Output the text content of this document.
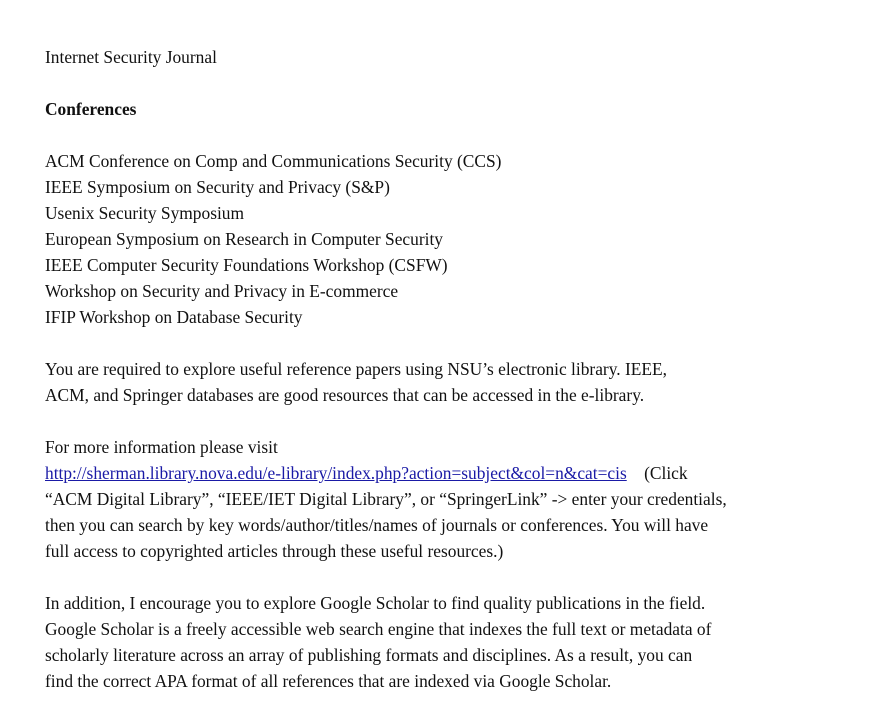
Internet Security Journal

Conferences

ACM Conference on Comp and Communications Security (CCS)

IEEE Symposium on Security and Privacy (S&P)

Usenix Security Symposium

European Symposium on Research in Computer Security

IEEE Computer Security Foundations Workshop (CSFW)

Workshop on Security and Privacy in E-commerce

IFIP Workshop on Database Security

You are required to explore useful reference papers using NSU’s electronic library. IEEE,

ACM, and Springer databases are good resources that can be accessed in the e-library.

For more information please visit

http://sherman.library.nova.edu/e-library/index.php?action=subject&col=n&cat=cis (Click

“ACM Digital Library”, “IEEE/IET Digital Library”, or “SpringerLink” -> enter your credentials,

then you can search by key words/author/titles/names of journals or conferences. You will have

full access to copyrighted articles through these useful resources.)

In addition, I encourage you to explore Google Scholar to find quality publications in the field.

Google Scholar is a freely accessible web search engine that indexes the full text or metadata of

scholarly literature across an array of publishing formats and disciplines. As a result, you can

find the correct APA format of all references that are indexed via Google Scholar.
